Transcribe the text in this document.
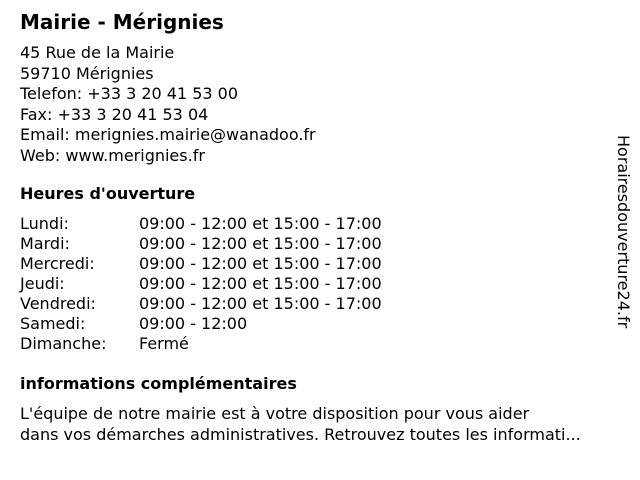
Mairie - Mérignies
45 Rue de la Mairie
59710 Mérignies
Telefon: +33 3 20 41 53 00
Fax: +33 3 20 41 53 04
Email: merignies.mairie@wanadoo.fr
Web: www.merignies.fr
Heures d'ouverture
Lundi:	09:00 - 12:00 et 15:00 - 17:00
Mardi:	09:00 - 12:00 et 15:00 - 17:00
Mercredi:	09:00 - 12:00 et 15:00 - 17:00
Jeudi:	09:00 - 12:00 et 15:00 - 17:00
Vendredi:	09:00 - 12:00 et 15:00 - 17:00
Samedi:	09:00 - 12:00
Dimanche:	Fermé
informations complémentaires
L'équipe de notre mairie est à votre disposition pour vous aider
dans vos démarches administratives. Retrouvez toutes les informati...
Horairesdouverture24.fr
